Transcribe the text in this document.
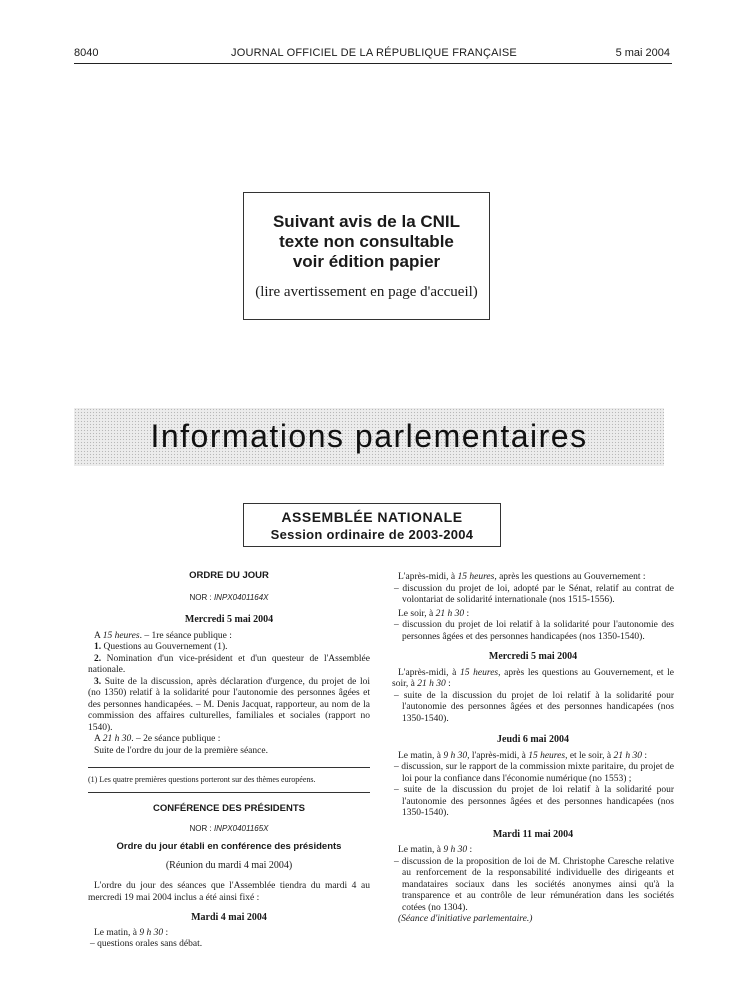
8040	JOURNAL OFFICIEL DE LA RÉPUBLIQUE FRANÇAISE	5 mai 2004
Suivant avis de la CNIL
texte non consultable
voir édition papier
(lire avertissement en page d'accueil)
Informations parlementaires
ASSEMBLÉE NATIONALE
Session ordinaire de 2003-2004

ORDRE DU JOUR

NOR : INPX0401164X

Mercredi 5 mai 2004

A 15 heures. – 1re séance publique :

1. Questions au Gouvernement (1).

2. Nomination d'un vice-président et d'un questeur de l'Assemblée nationale.

3. Suite de la discussion, après déclaration d'urgence, du projet de loi (no 1350) relatif à la solidarité pour l'autonomie des personnes âgées et des personnes handicapées. – M. Denis Jacquat, rapporteur, au nom de la commission des affaires culturelles, familiales et sociales (rapport no 1540).

A 21 h 30. – 2e séance publique :

Suite de l'ordre du jour de la première séance.

(1) Les quatre premières questions porteront sur des thèmes européens.

CONFÉRENCE DES PRÉSIDENTS

NOR : INPX0401165X

Ordre du jour établi en conférence des présidents

(Réunion du mardi 4 mai 2004)

L'ordre du jour des séances que l'Assemblée tiendra du mardi 4 au mercredi 19 mai 2004 inclus a été ainsi fixé :

Mardi 4 mai 2004

Le matin, à 9 h 30 :

– questions orales sans débat.

L'après-midi, à 15 heures, après les questions au Gouvernement :

– discussion du projet de loi, adopté par le Sénat, relatif au contrat de volontariat de solidarité internationale (nos 1515-1556).

Le soir, à 21 h 30 :

– discussion du projet de loi relatif à la solidarité pour l'autonomie des personnes âgées et des personnes handicapées (nos 1350-1540).

Mercredi 5 mai 2004

L'après-midi, à 15 heures, après les questions au Gouvernement, et le soir, à 21 h 30 :

– suite de la discussion du projet de loi relatif à la solidarité pour l'autonomie des personnes âgées et des personnes handicapées (nos 1350-1540).

Jeudi 6 mai 2004

Le matin, à 9 h 30, l'après-midi, à 15 heures, et le soir, à 21 h 30 :

– discussion, sur le rapport de la commission mixte paritaire, du projet de loi pour la confiance dans l'économie numérique (no 1553) ;

– suite de la discussion du projet de loi relatif à la solidarité pour l'autonomie des personnes âgées et des personnes handicapées (nos 1350-1540).

Mardi 11 mai 2004

Le matin, à 9 h 30 :

– discussion de la proposition de loi de M. Christophe Caresche relative au renforcement de la responsabilité individuelle des dirigeants et mandataires sociaux dans les sociétés anonymes ainsi qu'à la transparence et au contrôle de leur rémunération dans les sociétés cotées (no 1304).

(Séance d'initiative parlementaire.)
